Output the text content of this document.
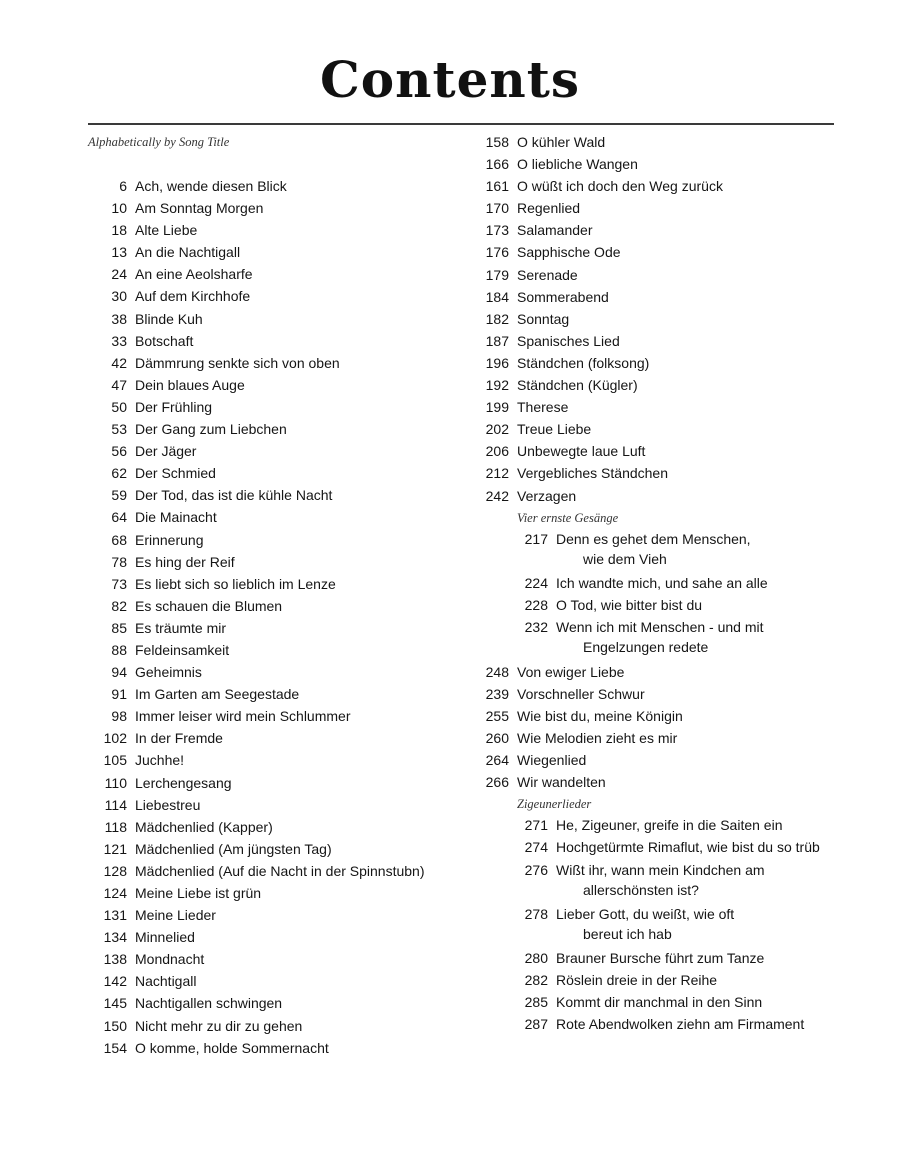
Contents
Alphabetically by Song Title
6 Ach, wende diesen Blick
10 Am Sonntag Morgen
18 Alte Liebe
13 An die Nachtigall
24 An eine Aeolsharfe
30 Auf dem Kirchhofe
38 Blinde Kuh
33 Botschaft
42 Dämmrung senkte sich von oben
47 Dein blaues Auge
50 Der Frühling
53 Der Gang zum Liebchen
56 Der Jäger
62 Der Schmied
59 Der Tod, das ist die kühle Nacht
64 Die Mainacht
68 Erinnerung
78 Es hing der Reif
73 Es liebt sich so lieblich im Lenze
82 Es schauen die Blumen
85 Es träumte mir
88 Feldeinsamkeit
94 Geheimnis
91 Im Garten am Seegestade
98 Immer leiser wird mein Schlummer
102 In der Fremde
105 Juchhe!
110 Lerchengesang
114 Liebestreu
118 Mädchenlied (Kapper)
121 Mädchenlied (Am jüngsten Tag)
128 Mädchenlied (Auf die Nacht in der Spinnstubn)
124 Meine Liebe ist grün
131 Meine Lieder
134 Minnelied
138 Mondnacht
142 Nachtigall
145 Nachtigallen schwingen
150 Nicht mehr zu dir zu gehen
154 O komme, holde Sommernacht
158 O kühler Wald
166 O liebliche Wangen
161 O wüßt ich doch den Weg zurück
170 Regenlied
173 Salamander
176 Sapphische Ode
179 Serenade
184 Sommerabend
182 Sonntag
187 Spanisches Lied
196 Ständchen (folksong)
192 Ständchen (Kügler)
199 Therese
202 Treue Liebe
206 Unbewegte laue Luft
212 Vergebliches Ständchen
242 Verzagen
Vier ernste Gesänge
217 Denn es gehet dem Menschen,
wie dem Vieh
224 Ich wandte mich, und sahe an alle
228 O Tod, wie bitter bist du
232 Wenn ich mit Menschen - und mit
Engelzungen redete
248 Von ewiger Liebe
239 Vorschneller Schwur
255 Wie bist du, meine Königin
260 Wie Melodien zieht es mir
264 Wiegenlied
266 Wir wandelten
Zigeunerlieder
271 He, Zigeuner, greife in die Saiten ein
274 Hochgetürmte Rimaflut, wie bist du so trüb
276 Wißt ihr, wann mein Kindchen am
allerschönsten ist?
278 Lieber Gott, du weißt, wie oft
bereut ich hab
280 Brauner Bursche führt zum Tanze
282 Röslein dreie in der Reihe
285 Kommt dir manchmal in den Sinn
287 Rote Abendwolken ziehn am Firmament
